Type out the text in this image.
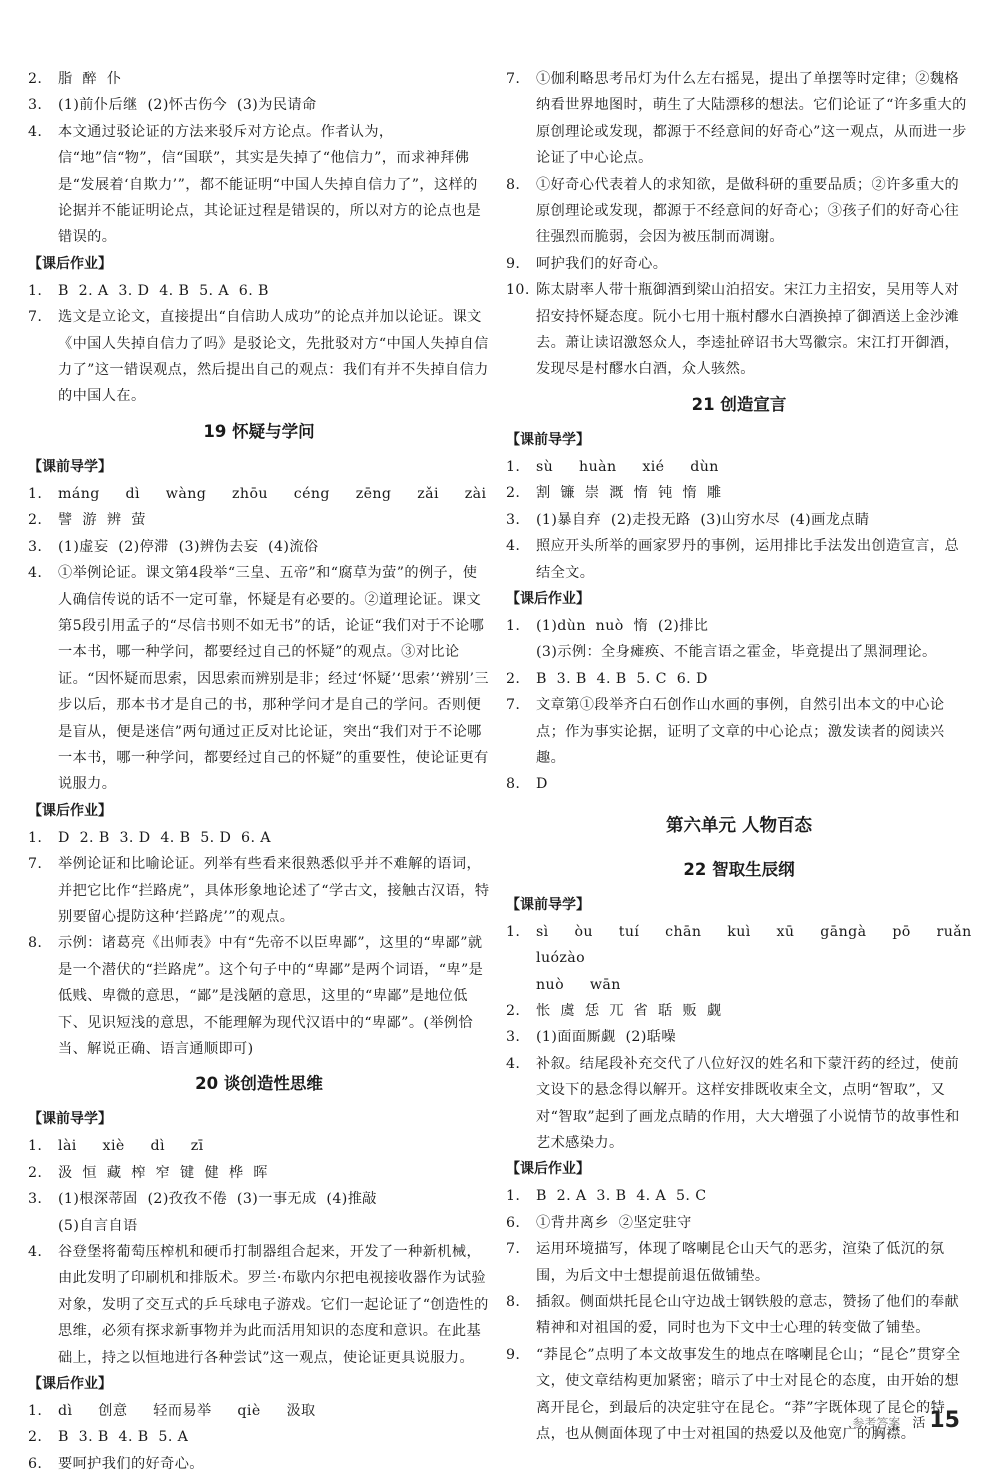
2. 脂  醉  仆
3. (1)前仆后继  (2)怀古伤今  (3)为民请命
4. 本文通过驳论证的方法来驳斥对方论点。作者认为，信“地”信“物”，信“国联”，其实是失掉了“他信力”，而求神拜佛是“发展着‘自欺力’”，都不能证明“中国人失掉自信力了”，这样的论据并不能证明论点，其论证过程是错误的，所以对方的论点也是错误的。
【课后作业】
1. B  2. A  3. D  4. B  5. A  6. B
7. 选文是立论文，直接提出“自信助人成功”的论点并加以论证。课文《中国人失掉自信力了吗》是驳论文，先批驳对方“中国人失掉自信力了”这一错误观点，然后提出自己的观点：我们有并不失掉自信力的中国人在。
19 怀疑与学问
【课前导学】
1. máng  dì  wàng  zhōu  céng  zēng  zǎi  zài
2. 譬  游  辨  萤
3. (1)虚妄  (2)停滞  (3)辨伪去妄  (4)流俗
4. ①举例论证。课文第4段举“三皇、五帝”和“腐草为萤”的例子，使人确信传说的话不一定可靠，怀疑是有必要的。②道理论证。课文第5段引用孟子的“尽信书则不如无书”的话，论证“我们对于不论哪一本书，哪一种学问，都要经过自己的怀疑”的观点。③对比论证。“因怀疑而思索，因思索而辨别是非；经过‘怀疑’‘思索’‘辨别’三步以后，那本书才是自己的书，那种学问才是自己的学问。否则便是盲从，便是迷信”两句通过正反对比论证，突出“我们对于不论哪一本书，哪一种学问，都要经过自己的怀疑”的重要性，使论证更有说服力。
【课后作业】
1. D  2. B  3. D  4. B  5. D  6. A
7. 举例论证和比喻论证。列举有些看来很熟悉似乎并不难解的语词，并把它比作“拦路虎”，具体形象地论述了“学古文，接触古汉语，特别要留心提防这种‘拦路虎’”的观点。
8. 示例：诸葛亮《出师表》中有“先帝不以臣卑鄙”，这里的“卑鄙”就是一个潜伏的“拦路虎”。这个句子中的“卑鄙”是两个词语，“卑”是低贱、卑微的意思，“鄙”是浅陋的意思，这里的“卑鄙”是地位低下、见识短浅的意思，不能理解为现代汉语中的“卑鄙”。(举例恰当、解说正确、语言通顺即可)
20 谈创造性思维
【课前导学】
1. lài  xiè  dì  zī
2. 汲  恒  藏  榨  窄  键  健  桦  晖
3. (1)根深蒂固  (2)孜孜不倦  (3)一事无成  (4)推敲
(5)自言自语
4. 谷登堡将葡萄压榨机和硬币打制器组合起来，开发了一种新机械，由此发明了印刷机和排版术。罗兰·布歇内尔把电视接收器作为试验对象，发明了交互式的乒乓球电子游戏。它们一起论证了“创造性的思维，必须有探求新事物并为此而活用知识的态度和意识。在此基础上，持之以恒地进行各种尝试”这一观点，使论证更具说服力。
【课后作业】
1. dì  创意  轻而易举  qiè  汲取
2. B  3. B  4. B  5. A
6. 要呵护我们的好奇心。
7. ①伽利略思考吊灯为什么左右摇晃，提出了单摆等时定律；②魏格纳看世界地图时，萌生了大陆漂移的想法。它们论证了“许多重大的原创理论或发现，都源于不经意间的好奇心”这一观点，从而进一步论证了中心论点。
8. ①好奇心代表着人的求知欲，是做科研的重要品质；②许多重大的原创理论或发现，都源于不经意间的好奇心；③孩子们的好奇心往往强烈而脆弱，会因为被压制而凋谢。
9. 呵护我们的好奇心。
10. 陈太尉率人带十瓶御酒到梁山泊招安。宋江力主招安，吴用等人对招安持怀疑态度。阮小七用十瓶村醪水白酒换掉了御酒送上金沙滩去。萧让读诏激怒众人，李逵扯碎诏书大骂徽宗。宋江打开御酒，发现尽是村醪水白酒，众人骇然。
21 创造宣言
【课前导学】
1. sù  huàn  xié  dùn
2. 割  镰  崇  溉  惰  钝  惰  雕
3. (1)暴自弃  (2)走投无路  (3)山穷水尽  (4)画龙点睛
4. 照应开头所举的画家罗丹的事例，运用排比手法发出创造宣言，总结全文。
【课后作业】
1. (1)dùn  nuò  惰  (2)排比
(3)示例：全身瘫痪、不能言语之霍金，毕竟提出了黑洞理论。
2. B  3. B  4. B  5. C  6. D
7. 文章第①段举齐白石创作山水画的事例，自然引出本文的中心论点；作为事实论据，证明了文章的中心论点；激发读者的阅读兴趣。
8. D
第六单元 人物百态
22 智取生辰纲
【课前导学】
1. sì  òu  tuí  chān  kuì  xū  gāngà  pō  ruǎn  luózào
nuò  wān
2. 怅  虞  恁  兀  省  聒  贩  觑
3. (1)面面厮觑  (2)聒噪
4. 补叙。结尾段补充交代了八位好汉的姓名和下蒙汗药的经过，使前文设下的悬念得以解开。这样安排既收束全文，点明“智取”，又对“智取”起到了画龙点睛的作用，大大增强了小说情节的故事性和艺术感染力。
【课后作业】
1. B  2. A  3. B  4. A  5. C
6. ①背井离乡  ②坚定驻守
7. 运用环境描写，体现了喀喇昆仑山天气的恶劣，渲染了低沉的氛围，为后文中士想提前退伍做铺垫。
8. 插叙。侧面烘托昆仑山守边战士钢铁般的意志，赞扬了他们的奉献精神和对祖国的爱，同时也为下文中士心理的转变做了铺垫。
9. “莽昆仑”点明了本文故事发生的地点在喀喇昆仑山；“昆仑”贯穿全文，使文章结构更加紧密；暗示了中士对昆仑的态度，由开始的想离开昆仑，到最后的决定驻守在昆仑。“莽”字既体现了昆仑的特点，也从侧面体现了中士对祖国的热爱以及他宽广的胸襟。
参考答案 活 15
